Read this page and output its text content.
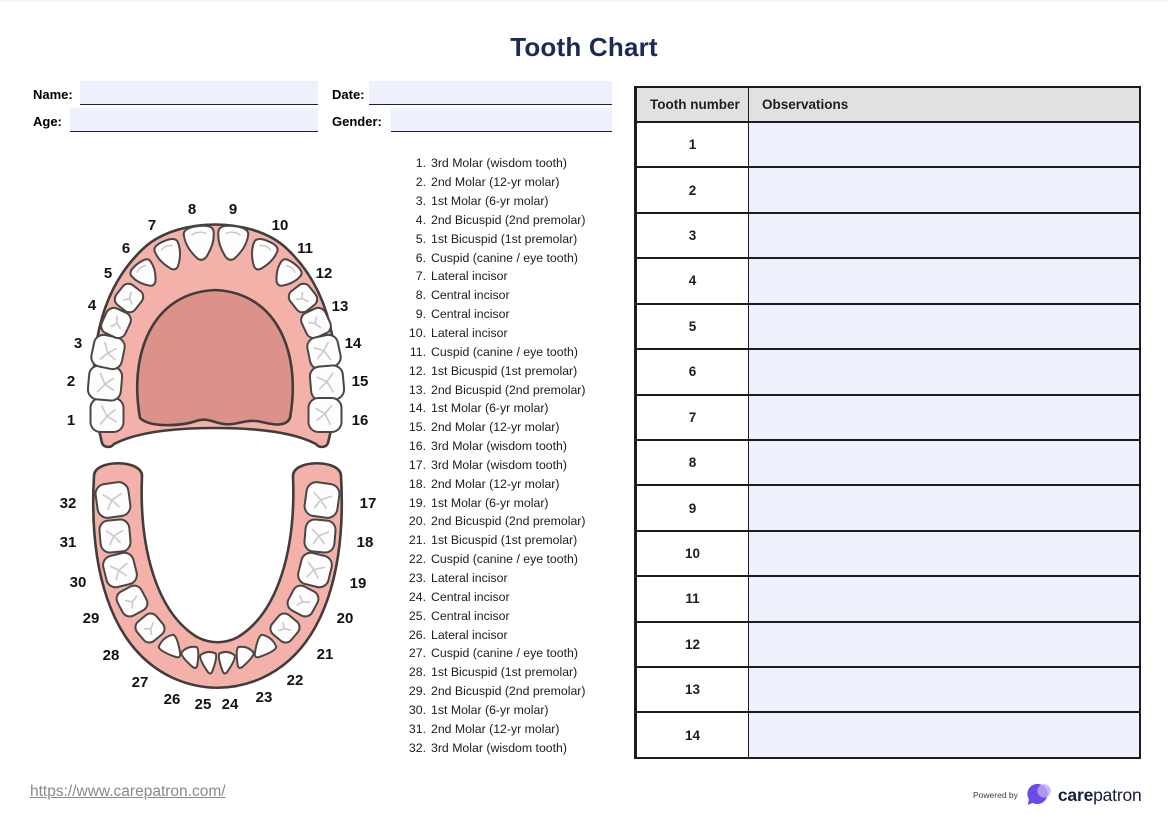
Tooth Chart
Name:	Date:
Age:	Gender:
1
2
3
4
5
6
7
8 9
10
11
12
13
14
15
16
17
18
19
20
21
22
23
24
25
26
27
28
29
30
31
32
1. 3rd Molar (wisdom tooth)
2. 2nd Molar (12-yr molar)
3. 1st Molar (6-yr molar)
4. 2nd Bicuspid (2nd premolar)
5. 1st Bicuspid (1st premolar)
6. Cuspid (canine / eye tooth)
7. Lateral incisor
8. Central incisor
9. Central incisor
10. Lateral incisor
11. Cuspid (canine / eye tooth)
12. 1st Bicuspid (1st premolar)
13. 2nd Bicuspid (2nd premolar)
14. 1st Molar (6-yr molar)
15. 2nd Molar (12-yr molar)
16. 3rd Molar (wisdom tooth)
17. 3rd Molar (wisdom tooth)
18. 2nd Molar (12-yr molar)
19. 1st Molar (6-yr molar)
20. 2nd Bicuspid (2nd premolar)
21. 1st Bicuspid (1st premolar)
22. Cuspid (canine / eye tooth)
23. Lateral incisor
24. Central incisor
25. Central incisor
26. Lateral incisor
27. Cuspid (canine / eye tooth)
28. 1st Bicuspid (1st premolar)
29. 2nd Bicuspid (2nd premolar)
30. 1st Molar (6-yr molar)
31. 2nd Molar (12-yr molar)
32. 3rd Molar (wisdom tooth)
Tooth number	Observations
1
2
3
4
5
6
7
8
9
10
11
12
13
14
https://www.carepatron.com/	Powered by carepatron
